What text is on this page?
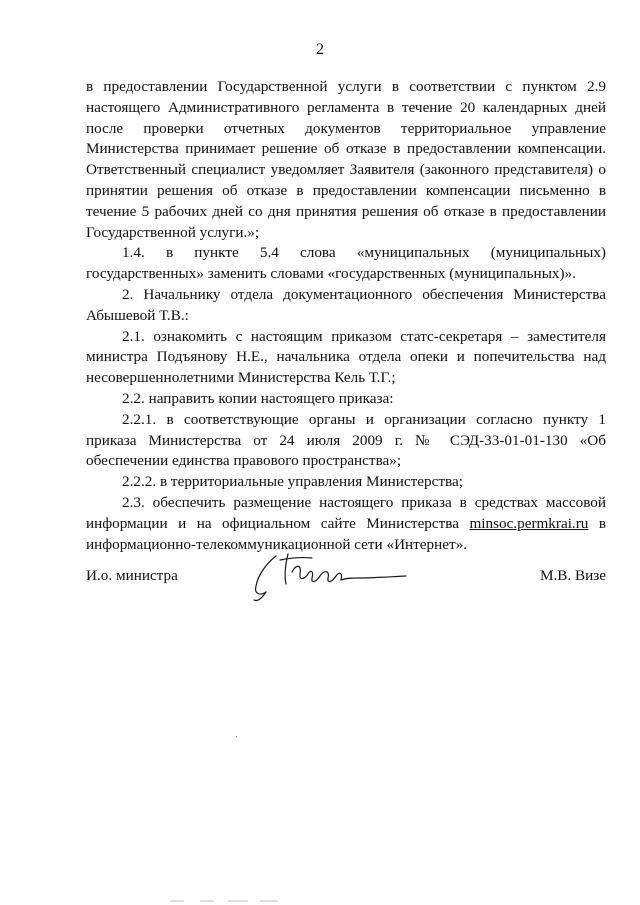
2

в предоставлении Государственной услуги в соответствии с пунктом 2.9 настоящего Административного регламента в течение 20 календарных дней после проверки отчетных документов территориальное управление Министерства принимает решение об отказе в предоставлении компенсации. Ответственный специалист уведомляет Заявителя (законного представителя) о принятии решения об отказе в предоставлении компенсации письменно в течение 5 рабочих дней со дня принятия решения об отказе в предоставлении Государственной услуги.»;

1.4. в пункте 5.4 слова «муниципальных (муниципальных) государственных» заменить словами «государственных (муниципальных)».

2. Начальнику отдела документационного обеспечения Министерства Абышевой Т.В.:

2.1. ознакомить с настоящим приказом статс-секретаря – заместителя министра Подъянову Н.Е., начальника отдела опеки и попечительства над несовершеннолетними Министерства Кель Т.Г.;

2.2. направить копии настоящего приказа:

2.2.1. в соответствующие органы и организации согласно пункту 1 приказа Министерства от 24 июля 2009 г. № СЭД-33-01-01-130 «Об обеспечении единства правового пространства»;

2.2.2. в территориальные управления Министерства;

2.3. обеспечить размещение настоящего приказа в средствах массовой информации и на официальном сайте Министерства minsoc.permkrai.ru в информационно-телекоммуникационной сети «Интернет».

И.о. министра	М.В. Визе
